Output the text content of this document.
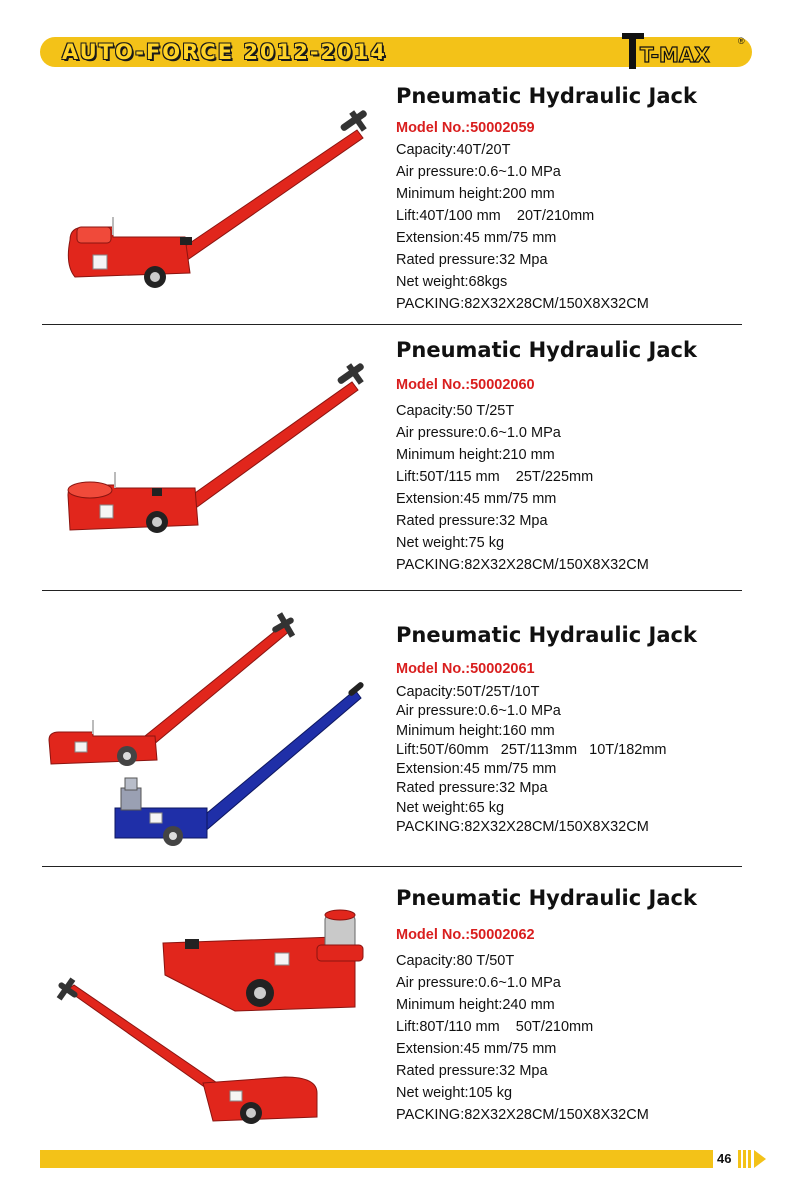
AUTO-FORCE 2012-2014	T-MAX
®
Pneumatic Hydraulic Jack
Model No.:50002059
Capacity:40T/20T
Air pressure:0.6~1.0 MPa
Minimum height:200 mm
Lift:40T/100 mm    20T/210mm
Extension:45 mm/75 mm
Rated pressure:32 Mpa
Net weight:68kgs
PACKING:82X32X28CM/150X8X32CM
Pneumatic Hydraulic Jack
Model No.:50002060
Capacity:50 T/25T
Air pressure:0.6~1.0 MPa
Minimum height:210 mm
Lift:50T/115 mm    25T/225mm
Extension:45 mm/75 mm
Rated pressure:32 Mpa
Net weight:75 kg
PACKING:82X32X28CM/150X8X32CM
Pneumatic Hydraulic Jack
Model No.:50002061
Capacity:50T/25T/10T
Air pressure:0.6~1.0 MPa
Minimum height:160 mm
Lift:50T/60mm   25T/113mm   10T/182mm
Extension:45 mm/75 mm
Rated pressure:32 Mpa
Net weight:65 kg
PACKING:82X32X28CM/150X8X32CM
Pneumatic Hydraulic Jack
Model No.:50002062
Capacity:80 T/50T
Air pressure:0.6~1.0 MPa
Minimum height:240 mm
Lift:80T/110 mm    50T/210mm
Extension:45 mm/75 mm
Rated pressure:32 Mpa
Net weight:105 kg
PACKING:82X32X28CM/150X8X32CM
46
